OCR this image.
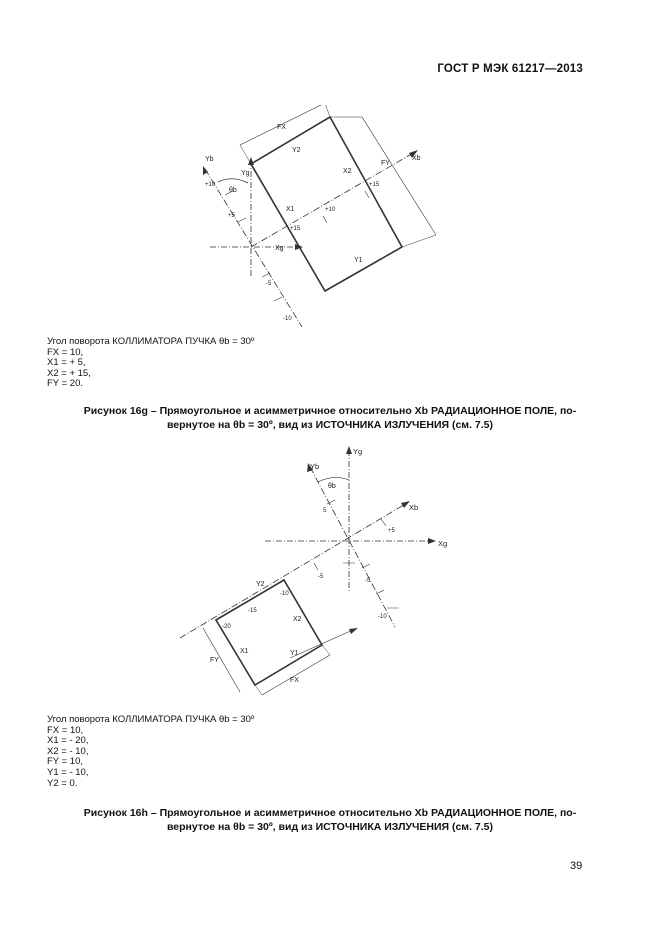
ГОСТ Р МЭК 61217—2013
Yg
Yb	Xb
Xg
θb
FX
FY
Y2
X2
X1
Y1
+10
+5
-5
-10
+15
+10
+15
Угол поворота КОЛЛИМАТОРА ПУЧКА θb = 30º
FX = 10,
X1 = + 5,
X2 = + 15,
FY = 20.
Рисунок 16g – Прямоугольное и асимметричное относительно Xb РАДИАЦИОННОЕ ПОЛЕ, по-
вернутое на θb = 30º, вид из ИСТОЧНИКА ИЗЛУЧЕНИЯ (см. 7.5)
Yg
Yb
Xb
Xg
θb
FX
FY
Y2
X2
X1	Y1
+5
-5
5
-5
-10
-10
-15
-20
Угол поворота КОЛЛИМАТОРА ПУЧКА θb = 30º
FX = 10,
X1 = - 20,
X2 = - 10,
FY = 10,
Y1 = - 10,
Y2 = 0.
Рисунок 16h – Прямоугольное и асимметричное относительно Xb РАДИАЦИОННОЕ ПОЛЕ, по-
вернутое на θb = 30º, вид из ИСТОЧНИКА ИЗЛУЧЕНИЯ (см. 7.5)
39
